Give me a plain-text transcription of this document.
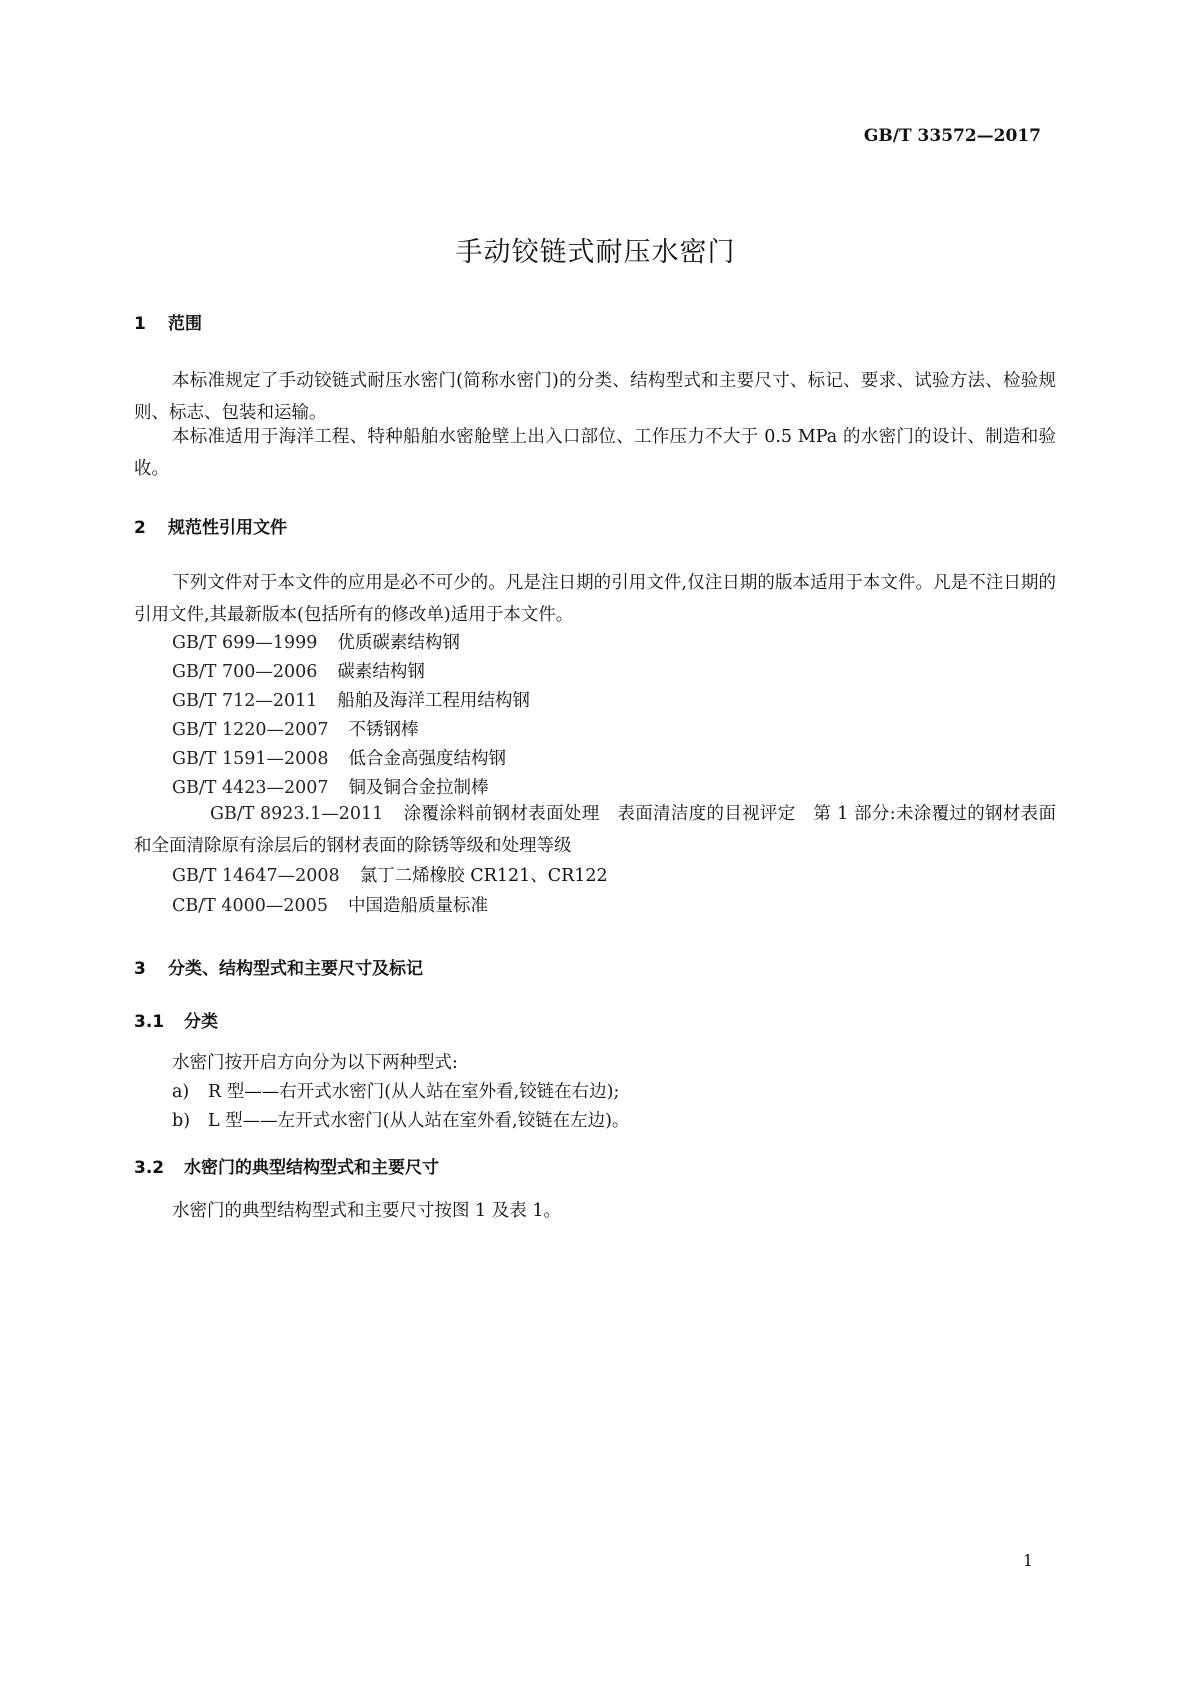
GB/T 33572—2017
手动铰链式耐压水密门
1 范围
本标准规定了手动铰链式耐压水密门(简称水密门)的分类、结构型式和主要尺寸、标记、要求、试验方法、检验规则、标志、包装和运输。
本标准适用于海洋工程、特种船舶水密舱壁上出入口部位、工作压力不大于 0.5 MPa 的水密门的设计、制造和验收。
2 规范性引用文件
下列文件对于本文件的应用是必不可少的。凡是注日期的引用文件,仅注日期的版本适用于本文件。凡是不注日期的引用文件,其最新版本(包括所有的修改单)适用于本文件。
GB/T 699—1999 优质碳素结构钢
GB/T 700—2006 碳素结构钢
GB/T 712—2011 船舶及海洋工程用结构钢
GB/T 1220—2007 不锈钢棒
GB/T 1591—2008 低合金高强度结构钢
GB/T 4423—2007 铜及铜合金拉制棒
GB/T 8923.1—2011 涂覆涂料前钢材表面处理　表面清洁度的目视评定　第 1 部分:未涂覆过的钢材表面和全面清除原有涂层后的钢材表面的除锈等级和处理等级
GB/T 14647—2008 氯丁二烯橡胶 CR121、CR122
CB/T 4000—2005 中国造船质量标准
3 分类、结构型式和主要尺寸及标记
3.1 分类
水密门按开启方向分为以下两种型式:
a) R 型——右开式水密门(从人站在室外看,铰链在右边);
b) L 型——左开式水密门(从人站在室外看,铰链在左边)。
3.2 水密门的典型结构型式和主要尺寸
水密门的典型结构型式和主要尺寸按图 1 及表 1。
1
